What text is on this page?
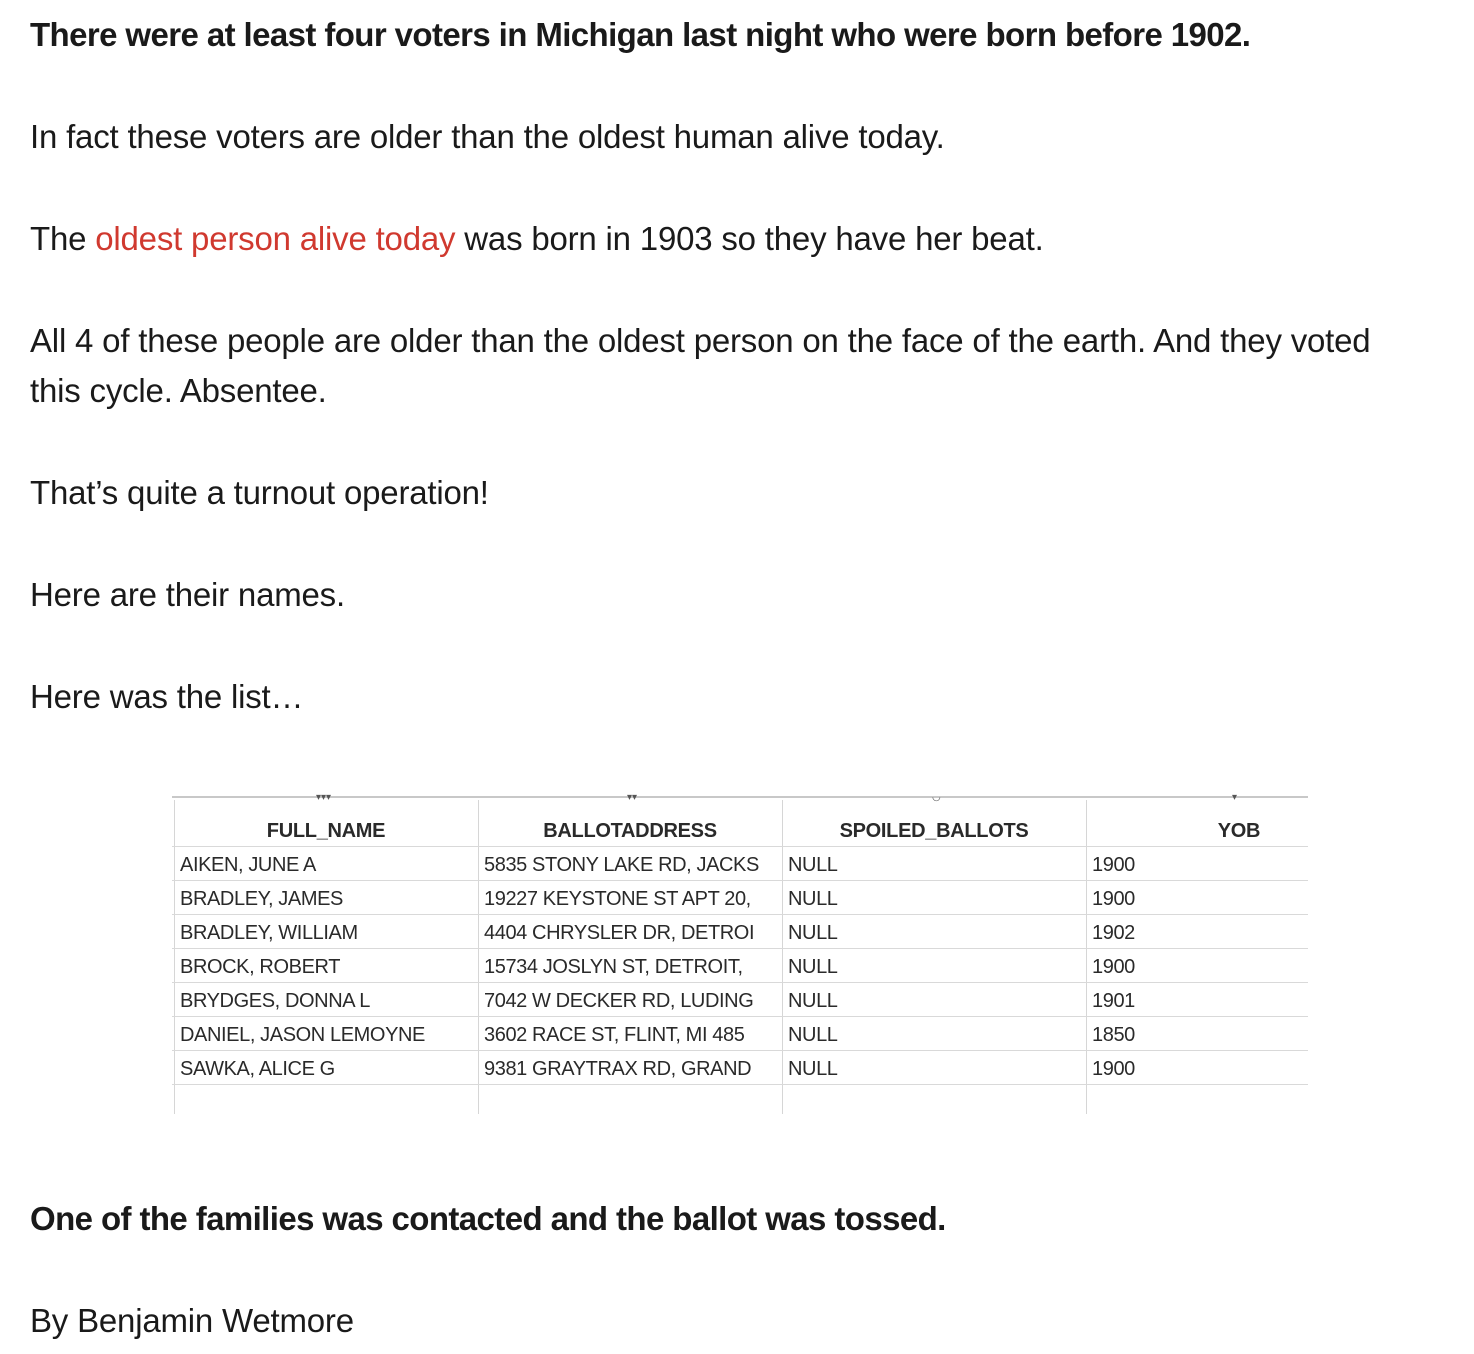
There were at least four voters in Michigan last night who were born before 1902.

In fact these voters are older than the oldest human alive today.

The oldest person alive today was born in 1903 so they have her beat.

All 4 of these people are older than the oldest person on the face of the earth. And they voted this cycle. Absentee.

That’s quite a turnout operation!

Here are their names.

Here was the list…

One of the families was contacted and the ballot was tossed.

By Benjamin Wetmore

▾▾▾	▾▾	◡	▾
FULL_NAME	BALLOTADDRESS	SPOILED_BALLOTS	YOB
AIKEN, JUNE A	5835 STONY LAKE RD, JACKS	NULL	1900
BRADLEY, JAMES	19227 KEYSTONE ST APT 20,	NULL	1900
BRADLEY, WILLIAM	4404 CHRYSLER DR, DETROI	NULL	1902
BROCK, ROBERT	15734 JOSLYN ST, DETROIT,	NULL	1900
BRYDGES, DONNA L	7042 W DECKER RD, LUDING	NULL	1901
DANIEL, JASON LEMOYNE	3602 RACE ST, FLINT, MI 485	NULL	1850
SAWKA, ALICE G	9381 GRAYTRAX RD, GRAND	NULL	1900
